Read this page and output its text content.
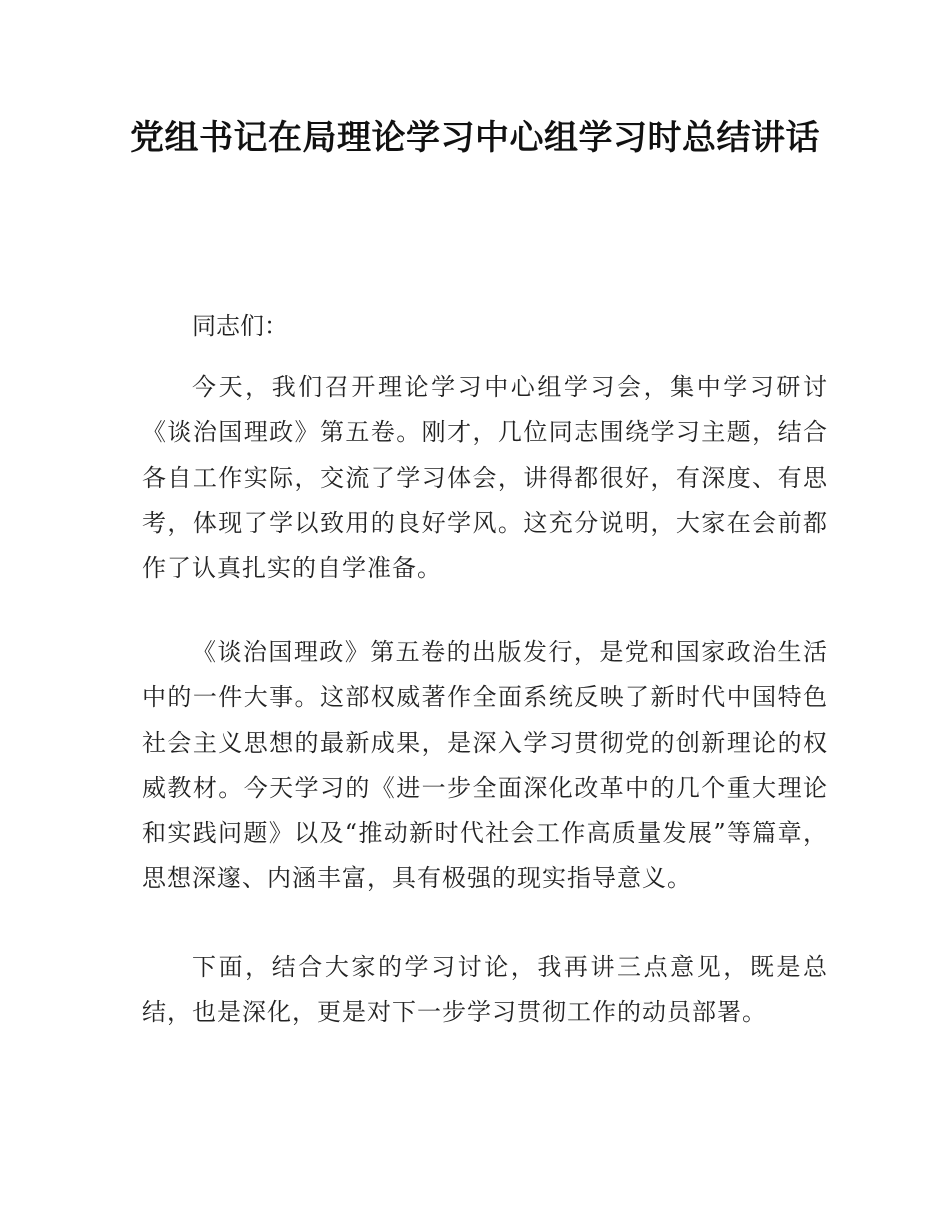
党组书记在局理论学习中心组学习时总结讲话

同志们：

今天，我们召开理论学习中心组学习会，集中学习研讨《谈治国理政》第五卷。刚才，几位同志围绕学习主题，结合各自工作实际，交流了学习体会，讲得都很好，有深度、有思考，体现了学以致用的良好学风。这充分说明，大家在会前都作了认真扎实的自学准备。

《谈治国理政》第五卷的出版发行，是党和国家政治生活中的一件大事。这部权威著作全面系统反映了新时代中国特色社会主义思想的最新成果，是深入学习贯彻党的创新理论的权威教材。今天学习的《进一步全面深化改革中的几个重大理论和实践问题》以及“推动新时代社会工作高质量发展”等篇章，思想深邃、内涵丰富，具有极强的现实指导意义。

下面，结合大家的学习讨论，我再讲三点意见，既是总结，也是深化，更是对下一步学习贯彻工作的动员部署。
